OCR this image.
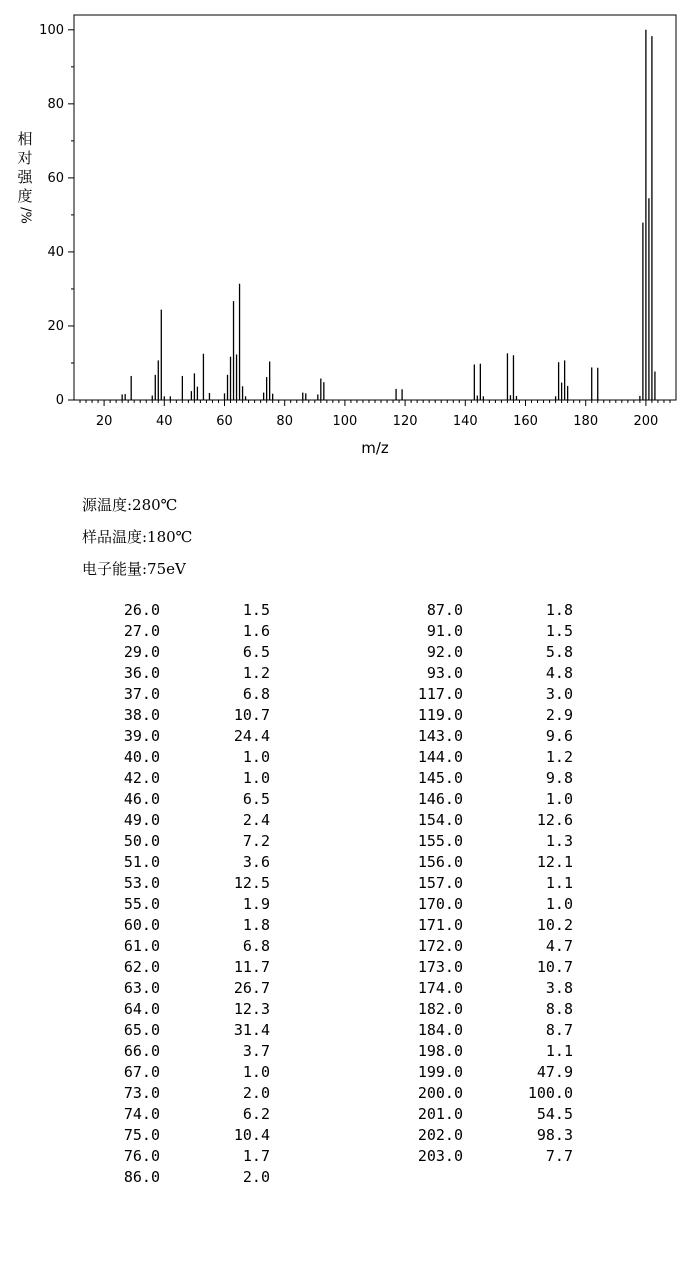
0
20
40
60
80
100
20	40	60	80	100	120	140	160	180	200
m/z
相
对
强
度
/%
源温度:280℃
样品温度:180℃
电子能量:75eV
26.0	1.5
27.0	1.6
29.0	6.5
36.0	1.2
37.0	6.8
38.0	10.7
39.0	24.4
40.0	1.0
42.0	1.0
46.0	6.5
49.0	2.4
50.0	7.2
51.0	3.6
53.0	12.5
55.0	1.9
60.0	1.8
61.0	6.8
62.0	11.7
63.0	26.7
64.0	12.3
65.0	31.4
66.0	3.7
67.0	1.0
73.0	2.0
74.0	6.2
75.0	10.4
76.0	1.7
86.0	2.0
87.0	1.8
91.0	1.5
92.0	5.8
93.0	4.8
117.0	3.0
119.0	2.9
143.0	9.6
144.0	1.2
145.0	9.8
146.0	1.0
154.0	12.6
155.0	1.3
156.0	12.1
157.0	1.1
170.0	1.0
171.0	10.2
172.0	4.7
173.0	10.7
174.0	3.8
182.0	8.8
184.0	8.7
198.0	1.1
199.0	47.9
200.0	100.0
201.0	54.5
202.0	98.3
203.0	7.7
